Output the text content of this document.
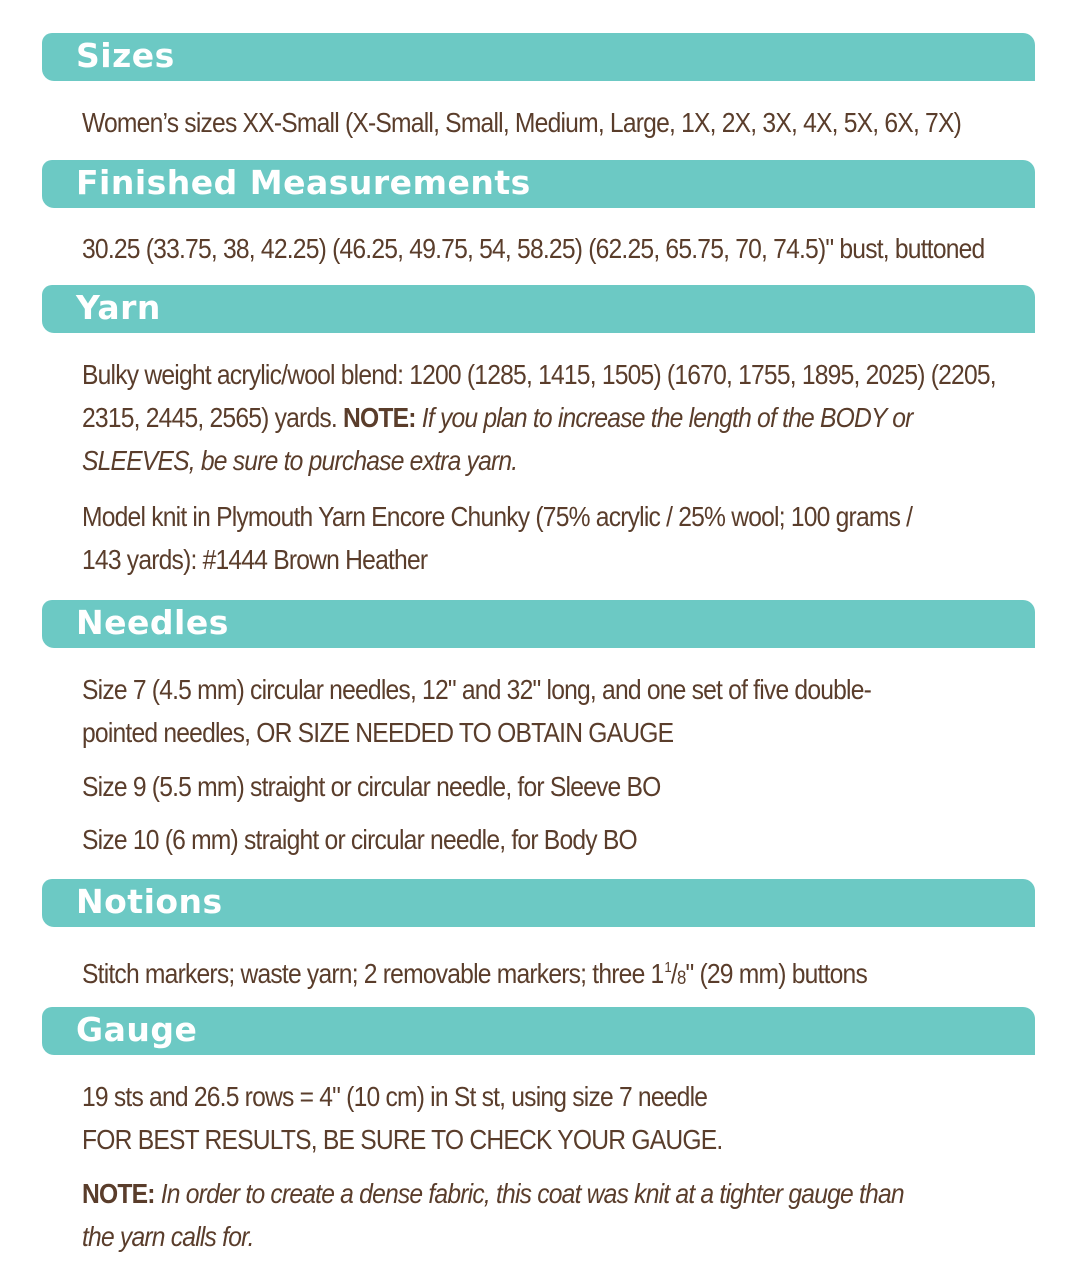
Sizes
Women’s sizes XX-Small (X-Small, Small, Medium, Large, 1X, 2X, 3X, 4X, 5X, 6X, 7X)
Finished Measurements
30.25 (33.75, 38, 42.25) (46.25, 49.75, 54, 58.25) (62.25, 65.75, 70, 74.5)" bust, buttoned
Yarn
Bulky weight acrylic/wool blend: 1200 (1285, 1415, 1505) (1670, 1755, 1895, 2025) (2205,
2315, 2445, 2565) yards. NOTE: If you plan to increase the length of the BODY or
SLEEVES, be sure to purchase extra yarn.
Model knit in Plymouth Yarn Encore Chunky (75% acrylic / 25% wool; 100 grams /
143 yards): #1444 Brown Heather
Needles
Size 7 (4.5 mm) circular needles, 12" and 32" long, and one set of five double-
pointed needles, OR SIZE NEEDED TO OBTAIN GAUGE
Size 9 (5.5 mm) straight or circular needle, for Sleeve BO
Size 10 (6 mm) straight or circular needle, for Body BO
Notions
Stitch markers; waste yarn; 2 removable markers; three $1^1/_8$" (29 mm) buttons
Gauge
19 sts and 26.5 rows = 4" (10 cm) in St st, using size 7 needle
FOR BEST RESULTS, BE SURE TO CHECK YOUR GAUGE.
NOTE: In order to create a dense fabric, this coat was knit at a tighter gauge than
the yarn calls for.
